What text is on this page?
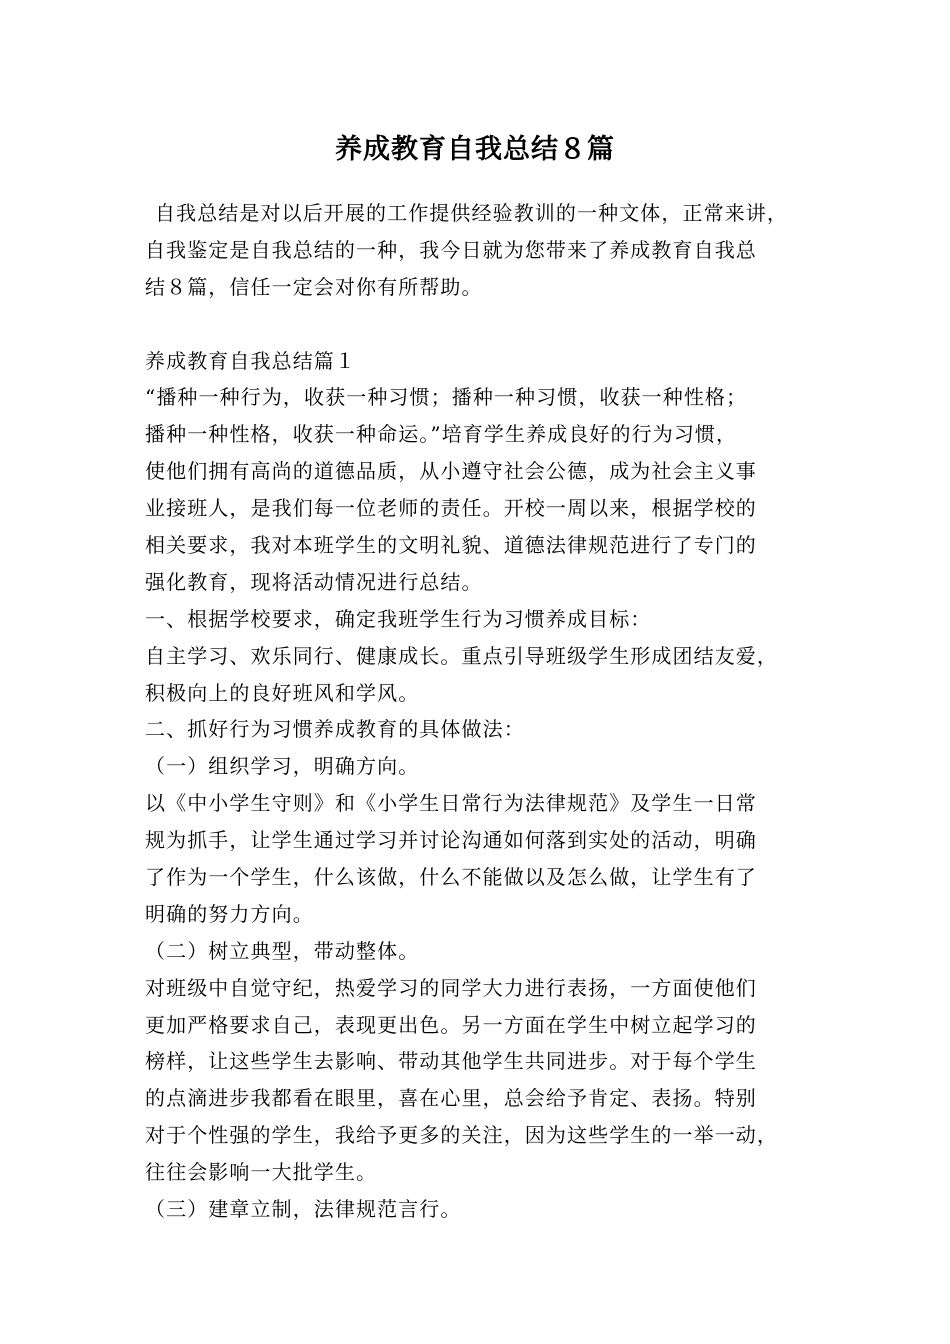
养成教育自我总结８篇
自我总结是对以后开展的工作提供经验教训的一种文体，正常来讲，
自我鉴定是自我总结的一种，我今日就为您带来了养成教育自我总
结８篇，信任一定会对你有所帮助。
养成教育自我总结篇１
“播种一种行为，收获一种习惯；播种一种习惯，收获一种性格；
播种一种性格，收获一种命运。”培育学生养成良好的行为习惯，
使他们拥有高尚的道德品质，从小遵守社会公德，成为社会主义事
业接班人，是我们每一位老师的责任。开校一周以来，根据学校的
相关要求，我对本班学生的文明礼貌、道德法律规范进行了专门的
强化教育，现将活动情况进行总结。
一、根据学校要求，确定我班学生行为习惯养成目标：
自主学习、欢乐同行、健康成长。重点引导班级学生形成团结友爱，
积极向上的良好班风和学风。
二、抓好行为习惯养成教育的具体做法：
（一）组织学习，明确方向。
以《中小学生守则》和《小学生日常行为法律规范》及学生一日常
规为抓手，让学生通过学习并讨论沟通如何落到实处的活动，明确
了作为一个学生，什么该做，什么不能做以及怎么做，让学生有了
明确的努力方向。
（二）树立典型，带动整体。
对班级中自觉守纪，热爱学习的同学大力进行表扬，一方面使他们
更加严格要求自己，表现更出色。另一方面在学生中树立起学习的
榜样，让这些学生去影响、带动其他学生共同进步。对于每个学生
的点滴进步我都看在眼里，喜在心里，总会给予肯定、表扬。特别
对于个性强的学生，我给予更多的关注，因为这些学生的一举一动，
往往会影响一大批学生。
（三）建章立制，法律规范言行。
